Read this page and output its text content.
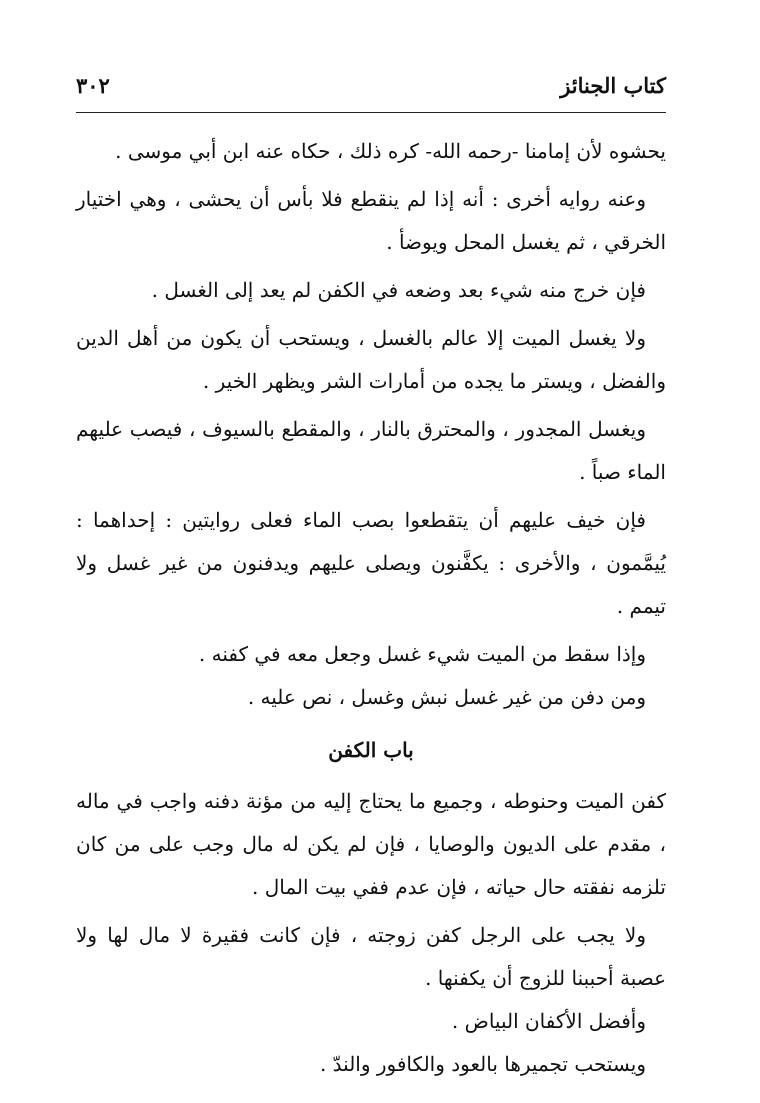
كتاب الجنائز
٣٠٢

يحشوه لأن إمامنا -رحمه الله- كره ذلك ، حكاه عنه ابن أبي موسى .

وعنه روايه أخرى : أنه إذا لم ينقطع فلا بأس أن يحشى ، وهي اختيار الخرقي ، ثم يغسل المحل ويوضأ .

فإن خرج منه شيء بعد وضعه في الكفن لم يعد إلى الغسل .

ولا يغسل الميت إلا عالم بالغسل ، ويستحب أن يكون من أهل الدين والفضل ، ويستر ما يجده من أمارات الشر ويظهر الخير .

ويغسل المجدور ، والمحترق بالنار ، والمقطع بالسيوف ، فيصب عليهم الماء صباً .

فإن خيف عليهم أن يتقطعوا بصب الماء فعلى روايتين : إحداهما : يُيمَّمون ، والأخرى : يكفَّنون ويصلى عليهم ويدفنون من غير غسل ولا تيمم .

وإذا سقط من الميت شيء غسل وجعل معه في كفنه .

ومن دفن من غير غسل نبش وغسل ، نص عليه .

باب الكفن

كفن الميت وحنوطه ، وجميع ما يحتاج إليه من مؤنة دفنه واجب في ماله ، مقدم على الديون والوصايا ، فإن لم يكن له مال وجب على من كان تلزمه نفقته حال حياته ، فإن عدم ففي بيت المال .

ولا يجب على الرجل كفن زوجته ، فإن كانت فقيرة لا مال لها ولا عصبة أحببنا للزوج أن يكفنها .

وأفضل الأكفان البياض .

ويستحب تجميرها بالعود والكافور والندّ .
